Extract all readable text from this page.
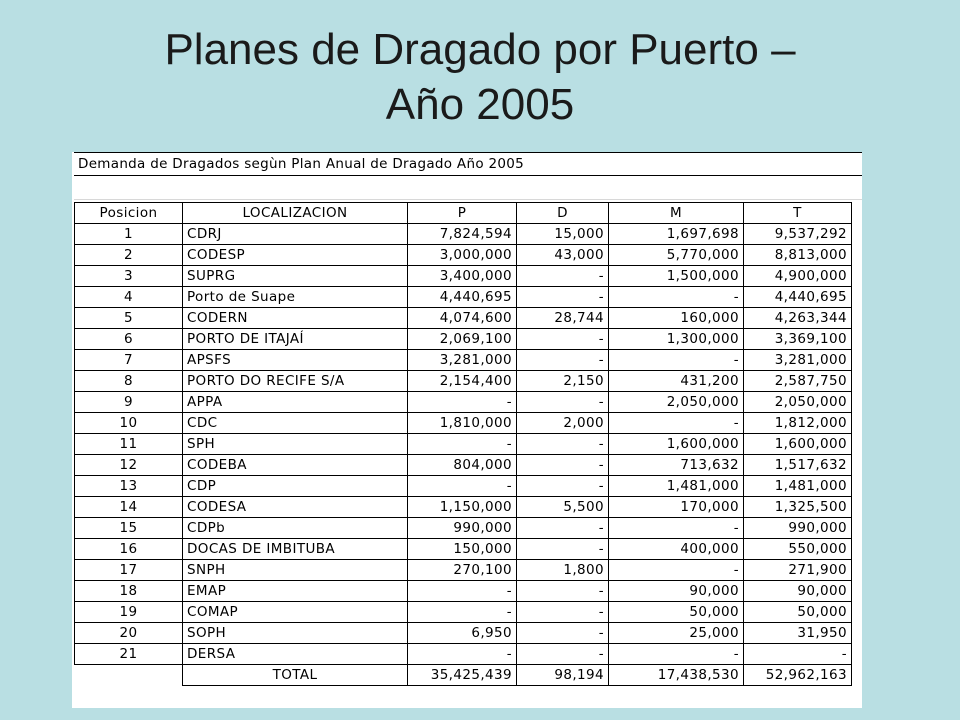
Planes de Dragado por Puerto –
Año 2005
Demanda de Dragados segùn Plan Anual de Dragado Año 2005
Posicion	LOCALIZACION	P	D	M	T
1	CDRJ	7,824,594	15,000	1,697,698	9,537,292
2	CODESP	3,000,000	43,000	5,770,000	8,813,000
3	SUPRG	3,400,000	-	1,500,000	4,900,000
4	Porto de Suape	4,440,695	-	-	4,440,695
5	CODERN	4,074,600	28,744	160,000	4,263,344
6	PORTO DE ITAJAÍ	2,069,100	-	1,300,000	3,369,100
7	APSFS	3,281,000	-	-	3,281,000
8	PORTO DO RECIFE S/A	2,154,400	2,150	431,200	2,587,750
9	APPA	-	-	2,050,000	2,050,000
10	CDC	1,810,000	2,000	-	1,812,000
11	SPH	-	-	1,600,000	1,600,000
12	CODEBA	804,000	-	713,632	1,517,632
13	CDP	-	-	1,481,000	1,481,000
14	CODESA	1,150,000	5,500	170,000	1,325,500
15	CDPb	990,000	-	-	990,000
16	DOCAS DE IMBITUBA	150,000	-	400,000	550,000
17	SNPH	270,100	1,800	-	271,900
18	EMAP	-	-	90,000	90,000
19	COMAP	-	-	50,000	50,000
20	SOPH	6,950	-	25,000	31,950
21	DERSA	-	-	-	-
	TOTAL	35,425,439	98,194	17,438,530	52,962,163
